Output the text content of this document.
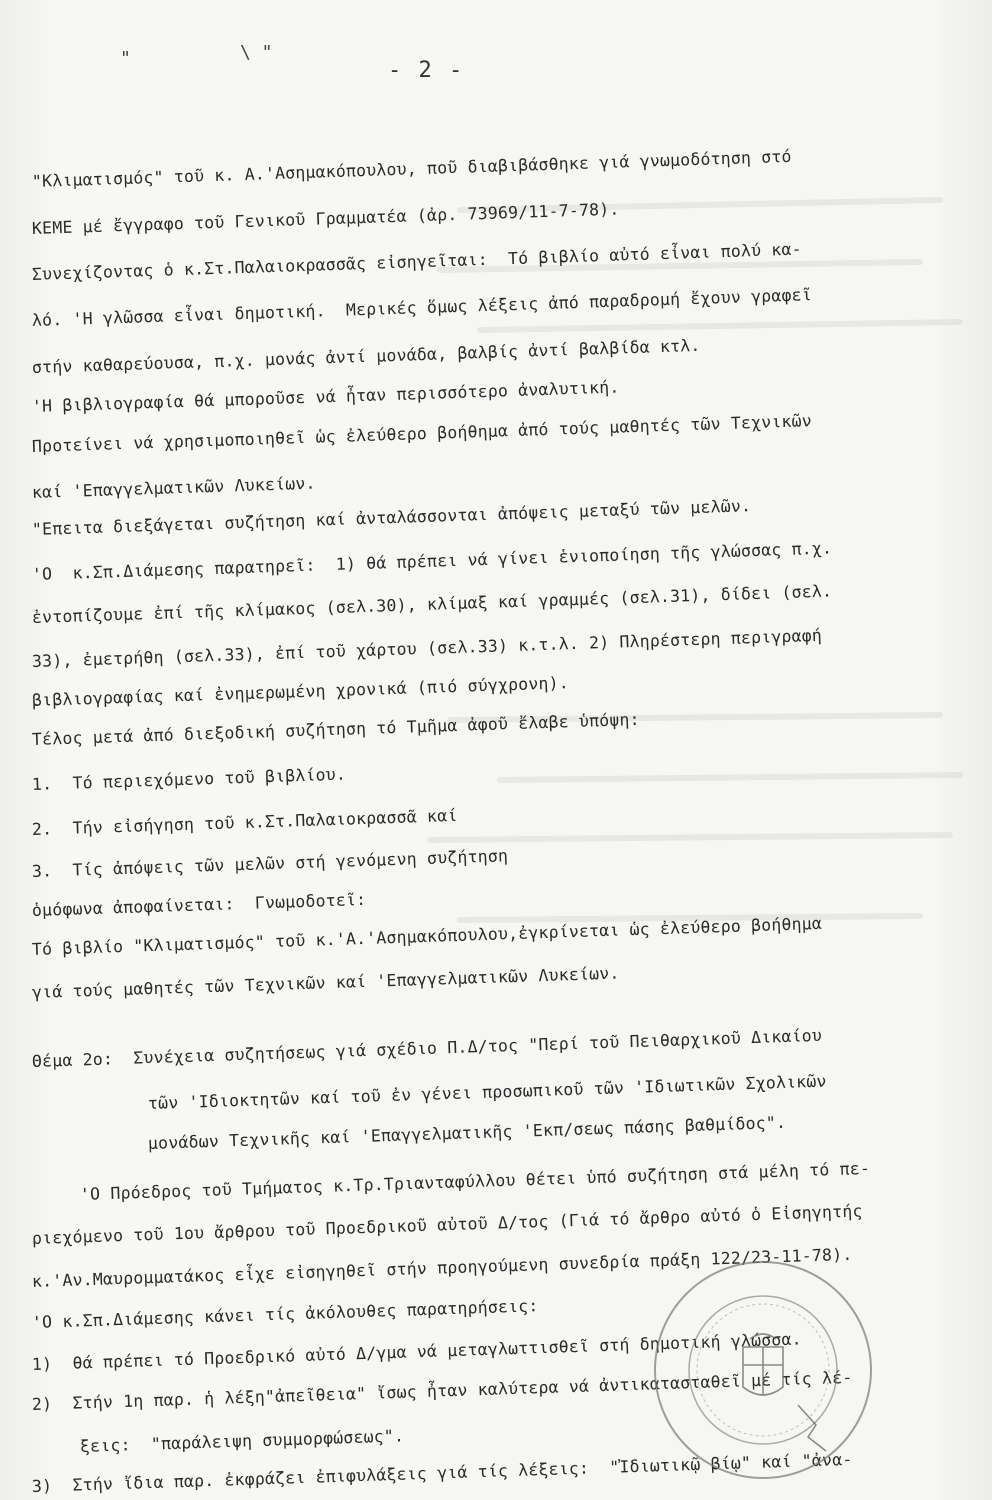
"	\ "
- 2 -
"Κλιματισμός" τοῦ κ. Α.'Ασημακόπουλου, ποῦ διαβιβάσθηκε γιά γνωμοδότηση στό
ΚΕΜΕ μέ ἔγγραφο τοῦ Γενικοῦ Γραμματέα (ἀρ. 73969/11-7-78).
Συνεχίζοντας ὁ κ.Στ.Παλαιοκρασσᾶς εἰσηγεῖται:  Τό βιβλίο αὐτό εἶναι πολύ κα-
λό. 'Η γλῶσσα εἶναι δημοτική.  Μερικές ὅμως λέξεις ἀπό παραδρομή ἔχουν γραφεῖ
στήν καθαρεύουσα, π.χ. μονάς ἀντί μονάδα, βαλβίς ἀντί βαλβίδα κτλ.
'Η βιβλιογραφία θά μποροῦσε νά ἦταν περισσότερο ἀναλυτική.
Προτείνει νά χρησιμοποιηθεῖ ὡς ἐλεύθερο βοήθημα ἀπό τούς μαθητές τῶν Τεχνικῶν
καί 'Επαγγελματικῶν Λυκείων.
"Επειτα διεξάγεται συζήτηση καί ἀνταλάσσονται ἀπόψεις μεταξύ τῶν μελῶν.
'Ο  κ.Σπ.Διάμεσης παρατηρεῖ:  1) θά πρέπει νά γίνει ἑνιοποίηση τῆς γλώσσας π.χ.
ἐντοπίζουμε ἐπί τῆς κλίμακος (σελ.30), κλίμαξ καί γραμμές (σελ.31), δίδει (σελ.
33), ἐμετρήθη (σελ.33), ἐπί τοῦ χάρτου (σελ.33) κ.τ.λ. 2) Πληρέστερη περιγραφή
βιβλιογραφίας καί ἐνημερωμένη χρονικά (πιό σύγχρονη).
Τέλος μετά ἀπό διεξοδική συζήτηση τό Τμῆμα ἀφοῦ ἔλαβε ὑπόψη:
1.  Τό περιεχόμενο τοῦ βιβλίου.
2.  Τήν εἰσήγηση τοῦ κ.Στ.Παλαιοκρασσᾶ καί
3.  Τίς ἀπόψεις τῶν μελῶν στή γενόμενη συζήτηση
ὁμόφωνα ἀποφαίνεται:  Γνωμοδοτεῖ:
Τό βιβλίο "Κλιματισμός" τοῦ κ.'Α.'Ασημακόπουλου,ἐγκρίνεται ὡς ἐλεύθερο βοήθημα
γιά τούς μαθητές τῶν Τεχνικῶν καί 'Επαγγελματικῶν Λυκείων.
Θέμα 2ο:  Συνέχεια συζητήσεως γιά σχέδιο Π.Δ/τος "Περί τοῦ Πειθαρχικοῦ Δικαίου
τῶν 'Ιδιοκτητῶν καί τοῦ ἐν γένει προσωπικοῦ τῶν 'Ιδιωτικῶν Σχολικῶν
μονάδων Τεχνικῆς καί 'Επαγγελματικῆς 'Εκπ/σεως πάσης βαθμίδος".
'Ο Πρόεδρος τοῦ Τμήματος κ.Τρ.Τριανταφύλλου θέτει ὑπό συζήτηση στά μέλη τό πε-
ριεχόμενο τοῦ 1ου ἄρθρου τοῦ Προεδρικοῦ αὐτοῦ Δ/τος (Γιά τό ἄρθρο αὐτό ὁ Εἰσηγητής
κ.'Αν.Μαυρομματάκος εἶχε εἰσηγηθεῖ στήν προηγούμενη συνεδρία πράξη 122/23-11-78).
'Ο κ.Σπ.Διάμεσης κάνει τίς ἀκόλουθες παρατηρήσεις:
1)  θά πρέπει τό Προεδρικό αὐτό Δ/γμα νά μεταγλωττισθεῖ στή δημοτική γλώσσα.
2)  Στήν 1η παρ. ἡ λέξη"ἀπεῖθεια" ἴσως ἦταν καλύτερα νά ἀντικατασταθεῖ μέ τίς λέ-
ξεις:  "παράλειψη συμμορφώσεως".
3)  Στήν ἴδια παρ. ἐκφράζει ἐπιφυλάξεις γιά τίς λέξεις:  "Ἰδιωτικῷ βίῳ" καί "ἀνα-
